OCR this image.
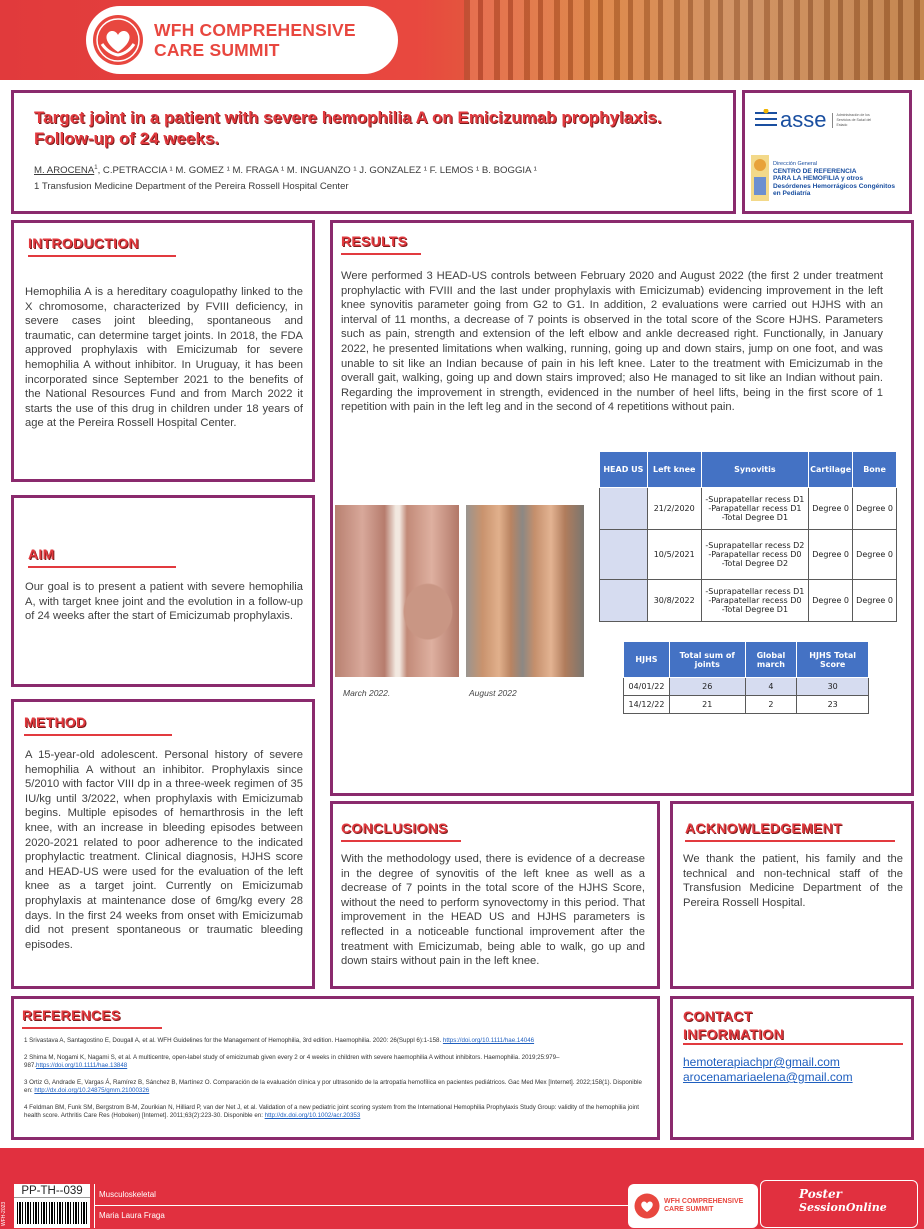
WFH COMPREHENSIVE
CARE SUMMIT
Target joint in a patient with severe hemophilia A on Emicizumab prophylaxis. Follow-up of 24 weeks.
M. AROCENA$^1$, C.PETRACCIA ¹ M. GOMEZ ¹ M. FRAGA ¹ M. INGUANZO ¹ J. GONZALEZ ¹ F. LEMOS ¹ B. BOGGIA ¹
1 Transfusion Medicine Department of the Pereira Rossell Hospital Center
asse	Administración de los Servicios de Salud del Estado
Dirección General
CENTRO DE REFERENCIA
PARA LA HEMOFILIA y otros
Desórdenes Hemorrágicos Congénitos
en Pediatría
INTRODUCTION
Hemophilia A is a hereditary coagulopathy linked to the X chromosome, characterized by FVIII deficiency, in severe cases joint bleeding, spontaneous and traumatic, can determine target joints. In 2018, the FDA approved prophylaxis with Emicizumab for severe hemophilia A without inhibitor. In Uruguay, it has been incorporated since September 2021 to the benefits of the National Resources Fund and from March 2022 it starts the use of this drug in children under 18 years of age at the Pereira Rossell Hospital Center.
AIM
Our goal is to present a patient with severe hemophilia A, with target knee joint and the evolution in a follow-up of 24 weeks after the start of Emicizumab prophylaxis.
METHOD
A 15-year-old adolescent. Personal history of severe hemophilia A without an inhibitor. Prophylaxis since 5/2010 with factor VIII dp in a three-week regimen of 35 IU/kg until 3/2022, when prophylaxis with Emicizumab begins. Multiple episodes of hemarthrosis in the left knee, with an increase in bleeding episodes between 2020-2021 related to poor adherence to the indicated prophylactic treatment. Clinical diagnosis, HJHS score and HEAD-US were used for the evaluation of the left knee as a target joint. Currently on Emicizumab prophylaxis at maintenance dose of 6mg/kg every 28 days. In the first 24 weeks from onset with Emicizumab did not present spontaneous or traumatic bleeding episodes.
RESULTS
Were performed 3 HEAD-US controls between February 2020 and August 2022 (the first 2 under treatment prophylactic with FVIII and the last under prophylaxis with Emicizumab) evidencing improvement in the left knee synovitis parameter going from G2 to G1. In addition, 2 evaluations were carried out HJHS with an interval of 11 months, a decrease of 7 points is observed in the total score of the Score HJHS. Parameters such as pain, strength and extension of the left elbow and ankle decreased right. Functionally, in January 2022, he presented limitations when walking, running, going up and down stairs, jump on one foot, and was unable to sit like an Indian because of pain in his left knee. Later to the treatment with Emicizumab in the overall gait, walking, going up and down stairs improved; also He managed to sit like an Indian without pain. Regarding the improvement in strength, evidenced in the number of heel lifts, being in the first score of 1 repetition with pain in the left leg and in the second of 4 repetitions without pain.
March 2022.	August 2022
HEAD US	Left knee	Synovitis	Cartilage	Bone
	21/2/2020	-Suprapatellar recess D1
-Parapatellar recess D1
-Total Degree D1	Degree 0	Degree 0
	10/5/2021	-Suprapatellar recess D2
-Parapatellar recess D0
-Total Degree D2	Degree 0	Degree 0
	30/8/2022	-Suprapatellar recess D1
-Parapatellar recess D0
-Total Degree D1	Degree 0	Degree 0
HJHS	Total sum of joints	Global march	HJHS Total Score
04/01/22	26	4	30
14/12/22	21	2	23
CONCLUSIONS
With the methodology used, there is evidence of a decrease in the degree of synovitis of the left knee as well as a decrease of 7 points in the total score of the HJHS Score, without the need to perform synovectomy in this period. That improvement in the HEAD US and HJHS parameters is reflected in a noticeable functional improvement after the treatment with Emicizumab, being able to walk, go up and down stairs without pain in the left knee.
ACKNOWLEDGEMENT
We thank the patient, his family and the technical and non-technical staff of the Transfusion Medicine Department of the Pereira Rossell Hospital.
REFERENCES
1 Srivastava A, Santagostino E, Dougall A, et al. WFH Guidelines for the Management of Hemophilia, 3rd edition. Haemophilia. 2020: 26(Suppl 6):1-158. https://doi.org/10.1111/hae.14046
2 Shima M, Nogami K, Nagami S, et al. A multicentre, open-label study of emicizumab given every 2 or 4 weeks in children with severe haemophilia A without inhibitors. Haemophilia. 2019;25:979–987.https://doi.org/10.1111/hae.13848
3 Ortiz G, Andrade E, Vargas Á, Ramírez B, Sánchez B, Martínez O. Comparación de la evaluación clínica y por ultrasonido de la artropatía hemofílica en pacientes pediátricos. Gac Med Mex [Internet]. 2022;158(1). Disponible en: http://dx.doi.org/10.24875/gmm.21000326
4 Feldman BM, Funk SM, Bergstrom B-M, Zourikian N, Hilliard P, van der Net J, et al. Validation of a new pediatric joint scoring system from the International Hemophilia Prophylaxis Study Group: validity of the hemophilia joint health score. Arthritis Care Res (Hoboken) [Internet]. 2011;63(2):223-30. Disponible en: http://dx.doi.org/10.1002/acr.20353
CONTACT
INFORMATION
hemoterapiachpr@gmail.com
arocenamariaelena@gmail.com
WFH-2023
PP-TH--039	Musculoskeletal
Maria Laura Fraga
WFH COMPREHENSIVE
CARE SUMMIT
Poster
SessionOnline
